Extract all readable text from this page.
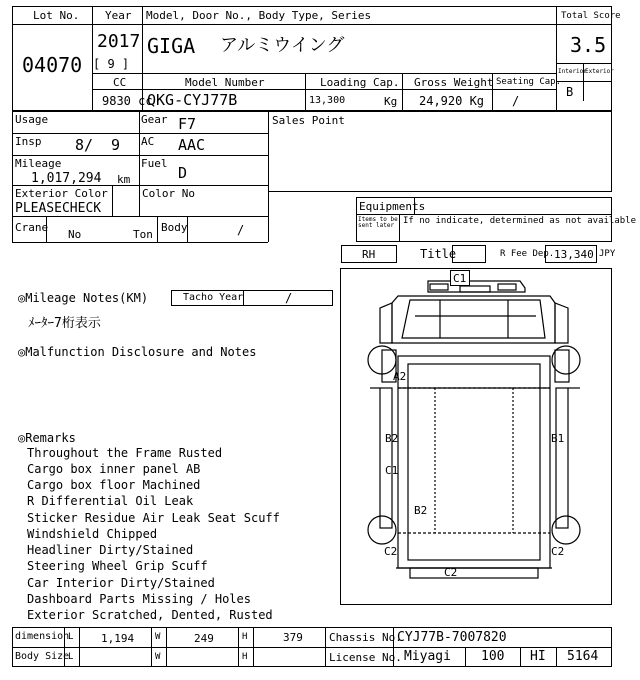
Lot No.
04070
Year
2017
[ 9 ]
Model, Door No., Body Type, Series
GIGA アルミウイング
Total Score
3.5
Interior
Exterior
B
CC
9830 cc
Model Number
QKG-CYJ77B
Loading Cap.
13,300	Kg
Gross Weight
24,920 Kg
Seating Cap.
/
Sales Point
Usage	Gear F7
Insp 8/ 9 AC AAC
Mileage
1,017,294 km
Fuel
D
Exterior Color
PLEASECHECK
Color No
Equipments
Items to be sent later If no indicate, determined as not available
Crane
No	Ton
Body	/
RH	Title	R Fee Dep. 13,340 JPY
◎Mileage Notes(KM)	Tacho Year	/
ﾒｰﾀｰ7桁表示
◎Malfunction Disclosure and Notes
◎Remarks
Throughout the Frame Rusted
Cargo box inner panel AB
Cargo box floor Machined
R Differential Oil Leak
Sticker Residue Air Leak Seat Scuff
Windshield Chipped
Headliner Dirty/Stained
Steering Wheel Grip Scuff
Car Interior Dirty/Stained
Dashboard Parts Missing / Holes
Exterior Scratched, Dented, Rusted
C1
A2
B2	B1
C1
B2
C2	C2
C2
dimension
L	1,194 W	249	H	379 Chassis No.
CYJ77B-7007820
Body Size
L	W	H	License No. Miyagi 100 HI 5164
